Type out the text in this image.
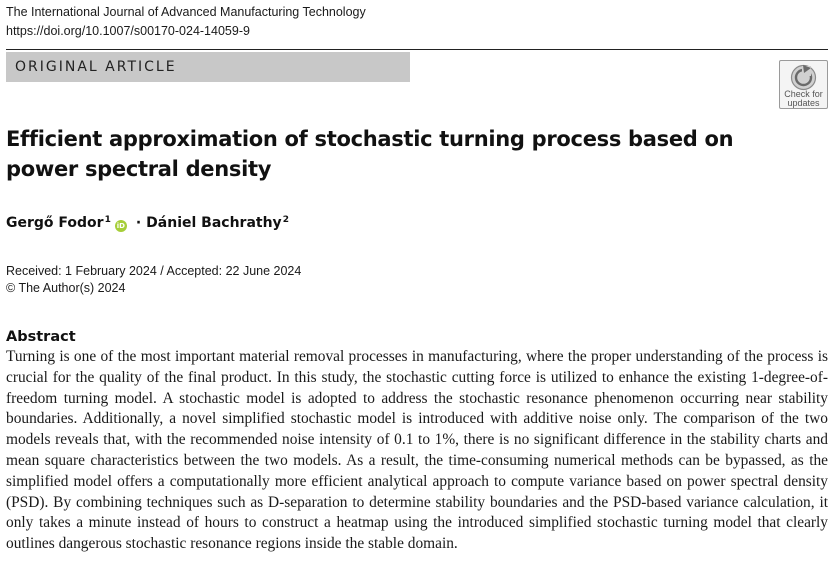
The International Journal of Advanced Manufacturing Technology
https://doi.org/10.1007/s00170-024-14059-9
ORIGINAL ARTICLE
Check for
updates
Efficient approximation of stochastic turning process based on power spectral density
Gergő Fodor$^1$
iD · Dániel Bachrathy$^2$
Received: 1 February 2024 / Accepted: 22 June 2024
© The Author(s) 2024
Abstract

Turning is one of the most important material removal processes in manufacturing, where the proper understanding of the process is crucial for the quality of the final product. In this study, the stochastic cutting force is utilized to enhance the existing 1-degree-of-freedom turning model. A stochastic model is adopted to address the stochastic resonance phenomenon occurring near stability boundaries. Additionally, a novel simplified stochastic model is introduced with additive noise only. The comparison of the two models reveals that, with the recommended noise intensity of 0.1 to 1%, there is no significant difference in the stability charts and mean square characteristics between the two models. As a result, the time-consuming numerical methods can be bypassed, as the simplified model offers a computationally more efficient analytical approach to compute variance based on power spectral density (PSD). By combining techniques such as D-separation to determine stability boundaries and the PSD-based variance calculation, it only takes a minute instead of hours to construct a heatmap using the introduced simplified stochastic turning model that clearly outlines dangerous stochastic resonance regions inside the stable domain.
